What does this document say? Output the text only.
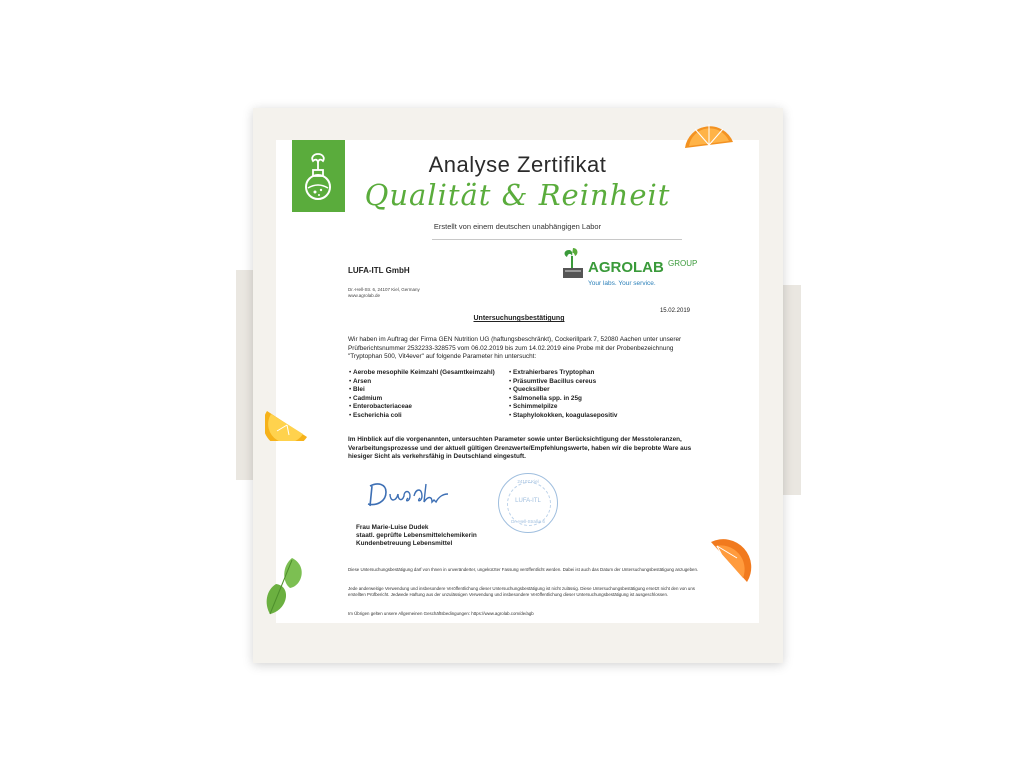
Analyse Zertifikat
Qualität & Reinheit
Erstellt von einem deutschen unabhängigen Labor
LUFA-ITL GmbH
Dr.-Hell-Str. 6, 24107 Kiel, Germany
www.agrolab.de
AGROLAB GROUP
Your labs. Your service.
15.02.2019
Untersuchungsbestätigung
Wir haben im Auftrag der Firma GEN Nutrition UG (haftungsbeschränkt), Cockerillpark 7, 52080 Aachen unter unserer Prüfberichtsnummer 2532233-328575 vom 06.02.2019 bis zum 14.02.2019 eine Probe mit der Probenbezeichnung "Tryptophan 500, Vit4ever" auf folgende Parameter hin untersucht:
• Aerobe mesophile Keimzahl (Gesamtkeimzahl)
• Arsen
• Blei
• Cadmium
• Enterobacteriaceae
• Escherichia coli
• Extrahierbares Tryptophan
• Präsumtive Bacillus cereus
• Quecksilber
• Salmonella spp. in 25g
• Schimmelpilze
• Staphylokokken, koagulasepositiv
Im Hinblick auf die vorgenannten, untersuchten Parameter sowie unter Berücksichtigung der Messtoleranzen, Verarbeitungsprozesse und der aktuell gültigen Grenzwerte/Empfehlungswerte, haben wir die beprobte Ware aus hiesiger Sicht als verkehrsfähig in Deutschland eingestuft.
24107 Kiel
LUFA-ITL
Dr.-Hell-Straße 6
Frau Marie-Luise Dudek
staatl. geprüfte Lebensmittelchemikerin
Kundenbetreuung Lebensmittel
Diese Untersuchungsbestätigung darf von Ihnen in unveränderter, ungekürzter Fassung veröffentlicht werden. Dabei ist auch das Datum der Untersuchungsbestätigung anzugeben.
Jede anderweitige Verwendung und insbesondere Veröffentlichung dieser Untersuchungsbestätigung ist nicht zulässig. Diese Untersuchungsbestätigung ersetzt nicht den von uns erstellten Prüfbericht. Jedwede Haftung aus der unzulässigen Verwendung und insbesondere Veröffentlichung dieser Untersuchungsbestätigung ist ausgeschlossen.
Im Übrigen gelten unsere Allgemeinen Geschäftsbedingungen: https://www.agrolab.com/de/agb
